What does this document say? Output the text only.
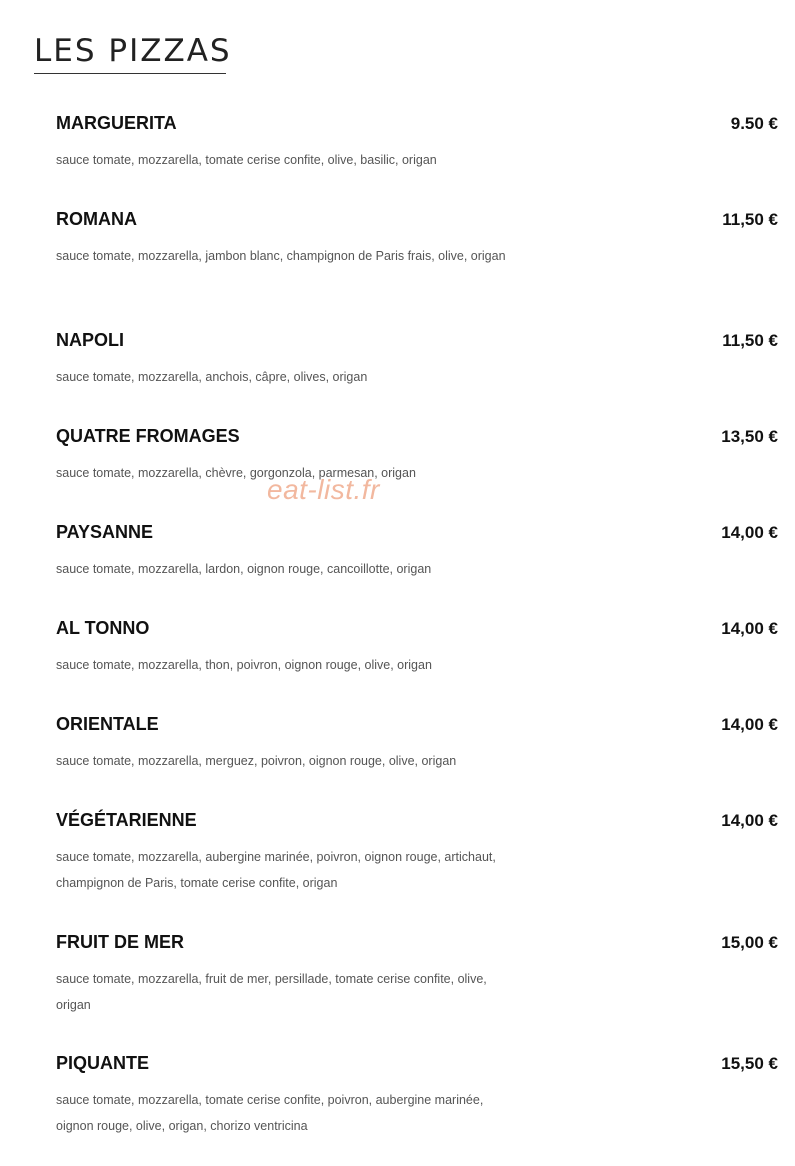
LES PIZZAS
MARGUERITA	9.50 €
sauce tomate, mozzarella, tomate cerise confite, olive, basilic, origan
ROMANA	11,50 €
sauce tomate, mozzarella, jambon blanc, champignon de Paris frais, olive, origan
NAPOLI	11,50 €
sauce tomate, mozzarella, anchois, câpre, olives, origan
QUATRE FROMAGES	13,50 €
sauce tomate, mozzarella, chèvre, gorgonzola, parmesan, origan
PAYSANNE	14,00 €
sauce tomate, mozzarella, lardon, oignon rouge, cancoillotte, origan
AL TONNO	14,00 €
sauce tomate, mozzarella, thon, poivron, oignon rouge, olive, origan
ORIENTALE	14,00 €
sauce tomate, mozzarella, merguez, poivron, oignon rouge, olive, origan
VÉGÉTARIENNE	14,00 €
sauce tomate, mozzarella, aubergine marinée, poivron, oignon rouge, artichaut, champignon de Paris, tomate cerise confite, origan
FRUIT DE MER	15,00 €
sauce tomate, mozzarella, fruit de mer, persillade, tomate cerise confite, olive, origan
PIQUANTE	15,50 €
sauce tomate, mozzarella, tomate cerise confite, poivron, aubergine marinée, oignon rouge, olive, origan, chorizo ventricina
eat-list.fr
